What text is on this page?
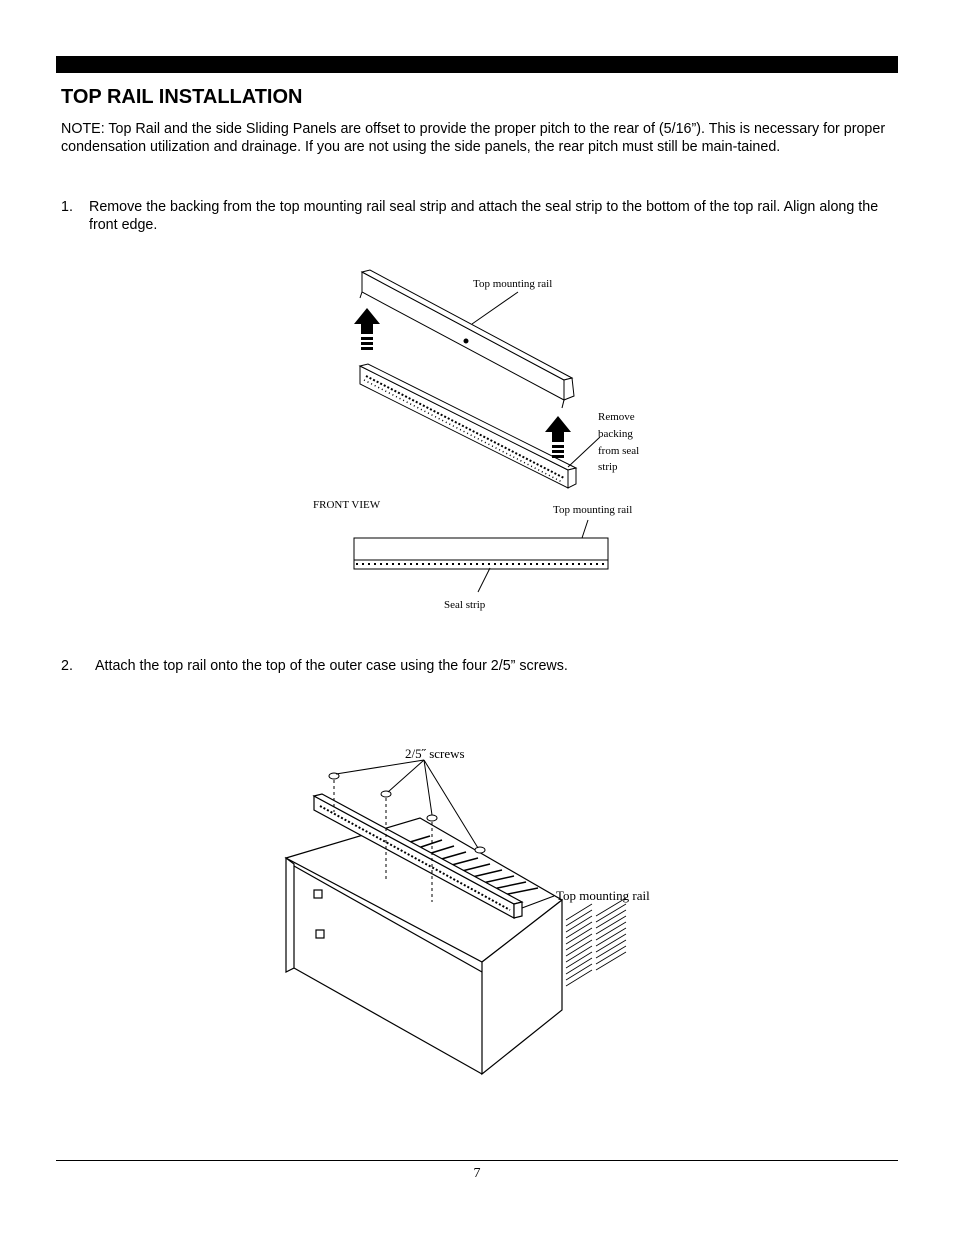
TOP RAIL INSTALLATION

NOTE: Top Rail and the side Sliding Panels are offset to provide the proper pitch to the rear of (5/16”). This is necessary for proper condensation utilization and drainage. If you are not using the side panels, the rear pitch must still be main-tained.

1. Remove the backing from the top mounting rail seal strip and attach the seal strip to the bottom of the top rail. Align along the front edge.
Top mounting rail
Remove
backing
from seal
strip
FRONT VIEW	Top mounting rail
Seal strip
2. Attach the top rail onto the top of the outer case using the four 2/5” screws.
2/5˝ screws
Top mounting rail
7
